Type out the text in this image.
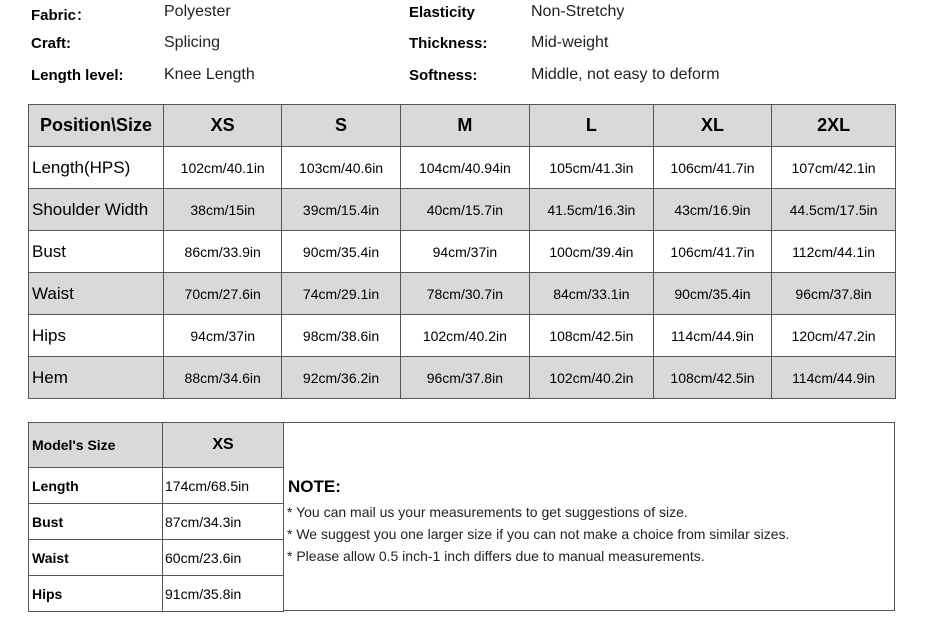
Fabric：	Polyester
Craft:	Splicing
Length level:	Knee Length
Elasticity	Non-Stretchy
Thickness:	Mid-weight
Softness:	Middle, not easy to deform
Position\Size	XS	S	M	L	XL	2XL
Length(HPS)	102cm/40.1in	103cm/40.6in	104cm/40.94in	105cm/41.3in	106cm/41.7in	107cm/42.1in
Shoulder Width	38cm/15in	39cm/15.4in	40cm/15.7in	41.5cm/16.3in	43cm/16.9in	44.5cm/17.5in
Bust	86cm/33.9in	90cm/35.4in	94cm/37in	100cm/39.4in	106cm/41.7in	112cm/44.1in
Waist	70cm/27.6in	74cm/29.1in	78cm/30.7in	84cm/33.1in	90cm/35.4in	96cm/37.8in
Hips	94cm/37in	98cm/38.6in	102cm/40.2in	108cm/42.5in	114cm/44.9in	120cm/47.2in
Hem	88cm/34.6in	92cm/36.2in	96cm/37.8in	102cm/40.2in	108cm/42.5in	114cm/44.9in
Model's Size	XS
Length	174cm/68.5in
Bust	87cm/34.3in
Waist	60cm/23.6in
Hips	91cm/35.8in
NOTE:
* You can mail us your measurements to get suggestions of size.
* We suggest you one larger size if you can not make a choice from similar sizes.
* Please allow 0.5 inch-1 inch differs due to manual measurements.
